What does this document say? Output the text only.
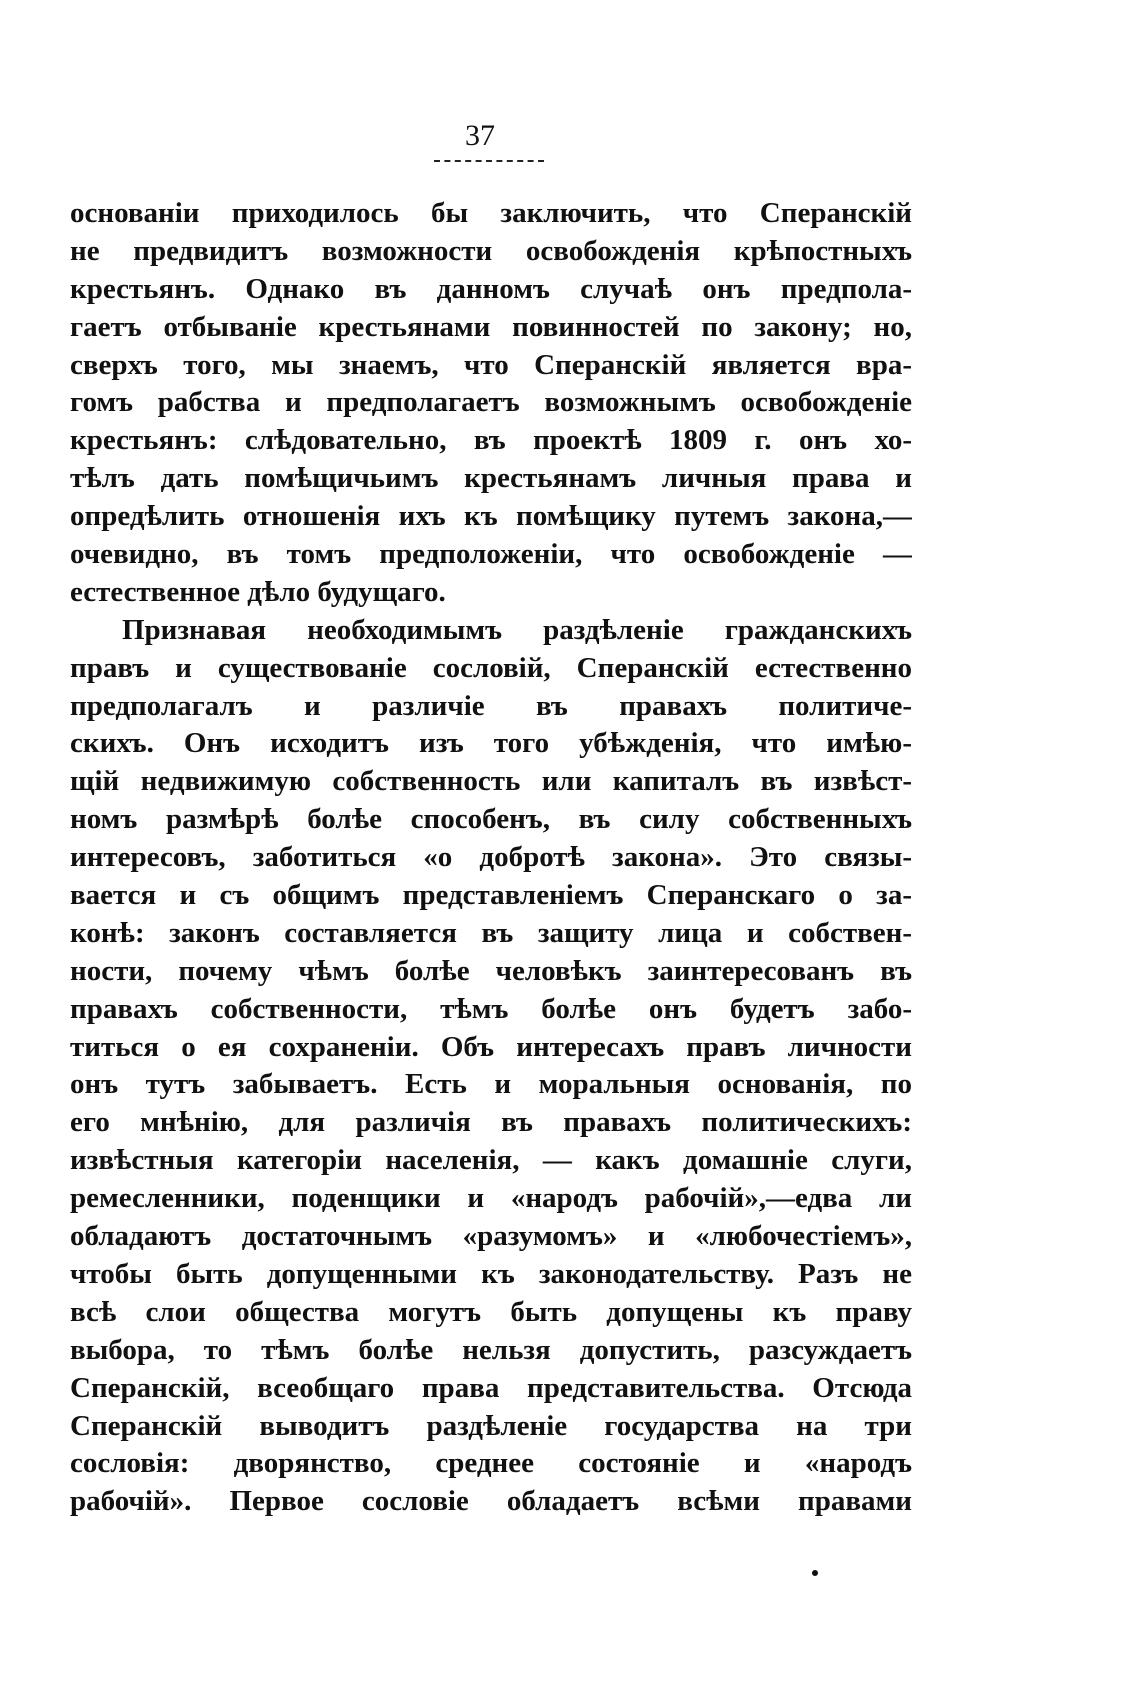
37
основаніи приходилось бы заключить, что Сперанскій
не предвидитъ возможности освобожденія крѣпостныхъ
крестьянъ. Однако въ данномъ случаѣ онъ предпола-
гаетъ отбываніе крестьянами повинностей по закону; но,
сверхъ того, мы знаемъ, что Сперанскій является вра-
гомъ рабства и предполагаетъ возможнымъ освобожденіе
крестьянъ: слѣдовательно, въ проектѣ 1809 г. онъ хо-
тѣлъ дать помѣщичьимъ крестьянамъ личныя права и
опредѣлить отношенія ихъ къ помѣщику путемъ закона,—
очевидно, въ томъ предположеніи, что освобожденіе —
естественное дѣло будущаго.
Признавая необходимымъ раздѣленіе гражданскихъ
правъ и существованіе сословій, Сперанскій естественно
предполагалъ и различіе въ правахъ политиче-
скихъ. Онъ исходитъ изъ того убѣжденія, что имѣю-
щій недвижимую собственность или капиталъ въ извѣст-
номъ размѣрѣ болѣе способенъ, въ силу собственныхъ
интересовъ, заботиться «о добротѣ закона». Это связы-
вается и съ общимъ представленіемъ Сперанскаго о за-
конѣ: законъ составляется въ защиту лица и собствен-
ности, почему чѣмъ болѣе человѣкъ заинтересованъ въ
правахъ собственности, тѣмъ болѣе онъ будетъ забо-
титься о ея сохраненіи. Объ интересахъ правъ личности
онъ тутъ забываетъ. Есть и моральныя основанія, по
его мнѣнію, для различія въ правахъ политическихъ:
извѣстныя категоріи населенія, — какъ домашніе слуги,
ремесленники, поденщики и «народъ рабочій»,—едва ли
обладаютъ достаточнымъ «разумомъ» и «любочестіемъ»,
чтобы быть допущенными къ законодательству. Разъ не
всѣ слои общества могутъ быть допущены къ праву
выбора, то тѣмъ болѣе нельзя допустить, разсуждаетъ
Сперанскій, всеобщаго права представительства. Отсюда
Сперанскій выводитъ раздѣленіе государства на три
сословія: дворянство, среднее состояніе и «народъ
рабочій». Первое сословіе обладаетъ всѣми правами
